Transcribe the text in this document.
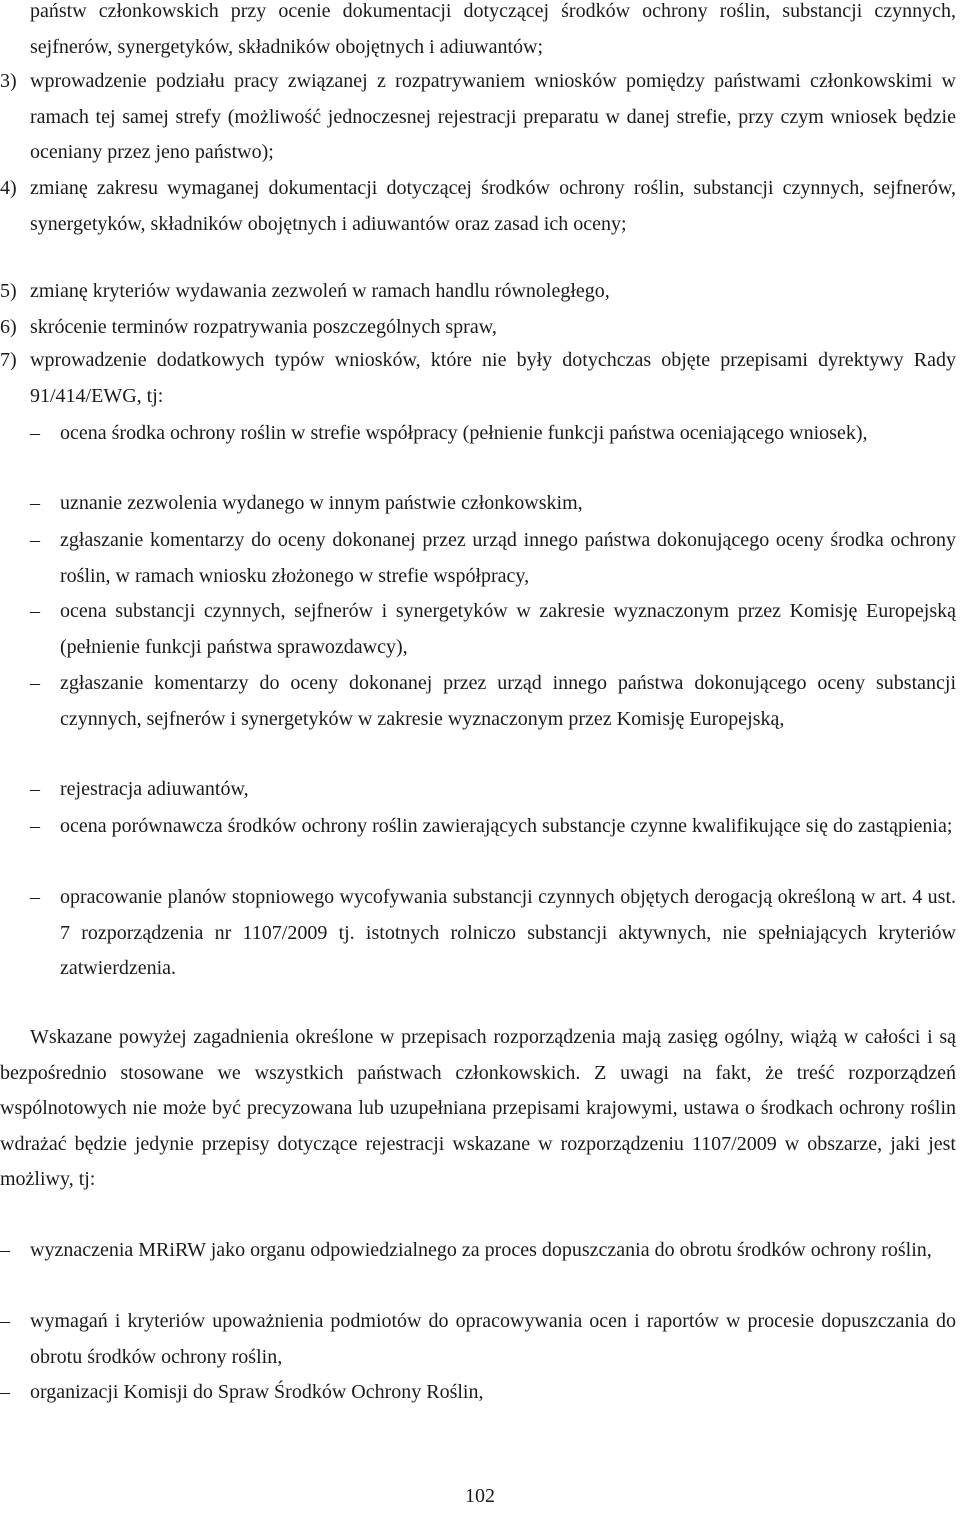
państw członkowskich przy ocenie dokumentacji dotyczącej środków ochrony roślin, substancji czynnych, sejfnerów, synergetyków, składników obojętnych i adiuwantów;

3) wprowadzenie podziału pracy związanej z rozpatrywaniem wniosków pomiędzy państwami członkowskimi w ramach tej samej strefy (możliwość jednoczesnej rejestracji preparatu w danej strefie, przy czym wniosek będzie oceniany przez jeno państwo);

4) zmianę zakresu wymaganej dokumentacji dotyczącej środków ochrony roślin, substancji czynnych, sejfnerów, synergetyków, składników obojętnych i adiuwantów oraz zasad ich oceny;

5) zmianę kryteriów wydawania zezwoleń w ramach handlu równoległego,

6) skrócenie terminów rozpatrywania poszczególnych spraw,

7) wprowadzenie dodatkowych typów wniosków, które nie były dotychczas objęte przepisami dyrektywy Rady 91/414/EWG, tj:

– ocena środka ochrony roślin w strefie współpracy (pełnienie funkcji państwa oceniającego wniosek),

– uznanie zezwolenia wydanego w innym państwie członkowskim,

– zgłaszanie komentarzy do oceny dokonanej przez urząd innego państwa dokonującego oceny środka ochrony roślin, w ramach wniosku złożonego w strefie współpracy,

– ocena substancji czynnych, sejfnerów i synergetyków w zakresie wyznaczonym przez Komisję Europejską (pełnienie funkcji państwa sprawozdawcy),

– zgłaszanie komentarzy do oceny dokonanej przez urząd innego państwa dokonującego oceny substancji czynnych, sejfnerów i synergetyków w zakresie wyznaczonym przez Komisję Europejską,

– rejestracja adiuwantów,

– ocena porównawcza środków ochrony roślin zawierających substancje czynne kwalifikujące się do zastąpienia;

– opracowanie planów stopniowego wycofywania substancji czynnych objętych derogacją określoną w art. 4 ust. 7 rozporządzenia nr 1107/2009 tj. istotnych rolniczo substancji aktywnych, nie spełniających kryteriów zatwierdzenia.

Wskazane powyżej zagadnienia określone w przepisach rozporządzenia mają zasięg ogólny, wiążą w całości i są bezpośrednio stosowane we wszystkich państwach członkowskich. Z uwagi na fakt, że treść rozporządzeń wspólnotowych nie może być precyzowana lub uzupełniana przepisami krajowymi, ustawa o środkach ochrony roślin wdrażać będzie jedynie przepisy dotyczące rejestracji wskazane w rozporządzeniu 1107/2009 w obszarze, jaki jest możliwy, tj:

– wyznaczenia MRiRW jako organu odpowiedzialnego za proces dopuszczania do obrotu środków ochrony roślin,

– wymagań i kryteriów upoważnienia podmiotów do opracowywania ocen i raportów w procesie dopuszczania do obrotu środków ochrony roślin,

– organizacji Komisji do Spraw Środków Ochrony Roślin,

102
